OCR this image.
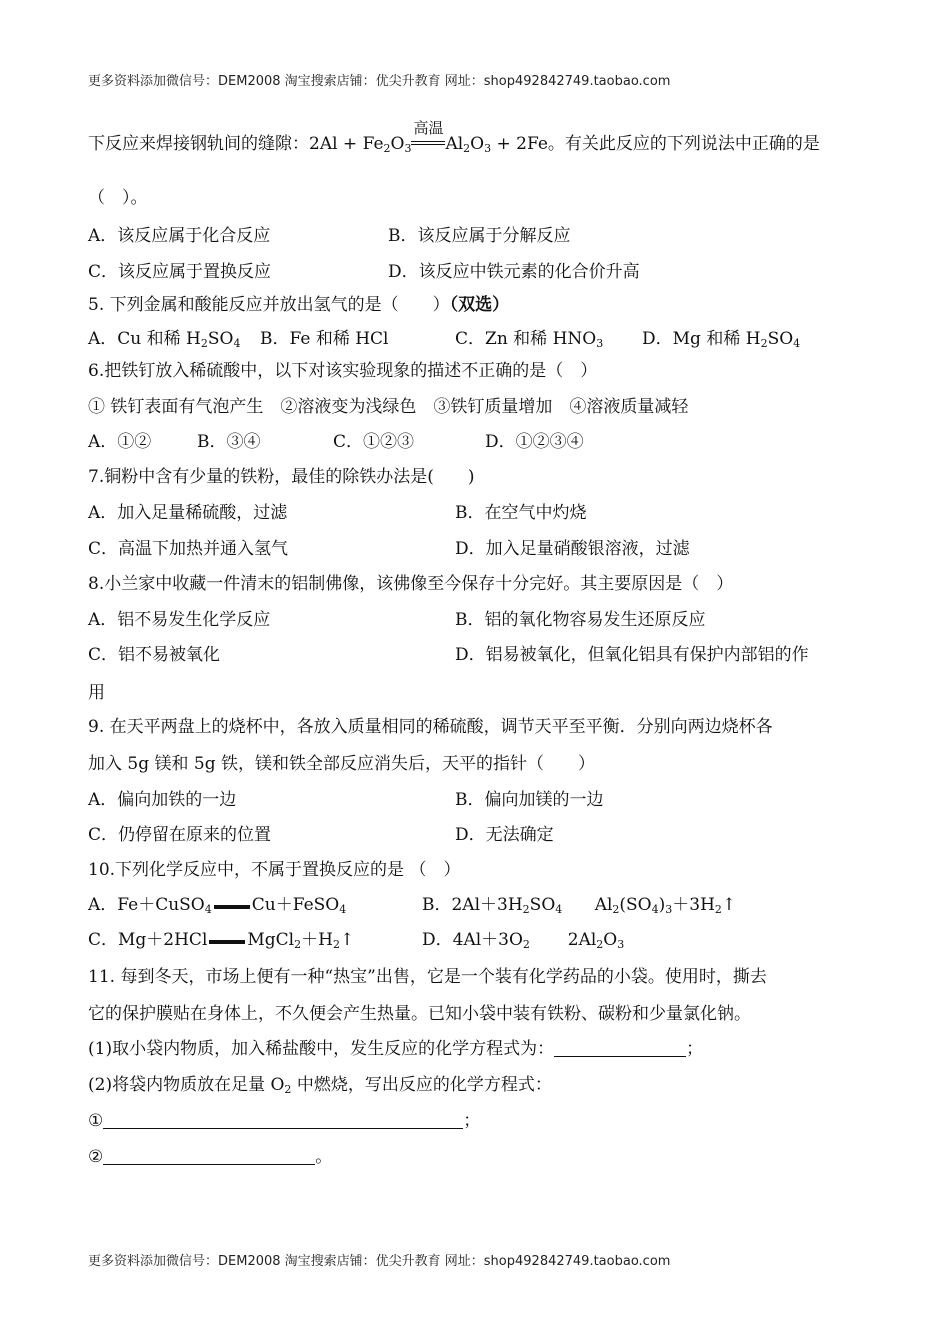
更多资料添加微信号：DEM2008 淘宝搜索店铺：优尖升教育 网址：shop492842749.taobao.com
下反应来焊接钢轨间的缝隙：$2Al + Fe_2O_3$
高温
$Al_2O_3 + 2Fe$。有关此反应的下列说法中正确的是
（　）。
A．该反应属于化合反应	B．该反应属于分解反应
C．该反应属于置换反应	D．该反应中铁元素的化合价升高
5. 下列金属和酸能反应并放出氢气的是（　　）（双选）
A．Cu 和稀 $H_2SO_4$ B．Fe 和稀 HCl	C．Zn 和稀 $HNO_3$ D．Mg 和稀 $H_2SO_4$
6.把铁钉放入稀硫酸中，以下对该实验现象的描述不正确的是（　）
① 铁钉表面有气泡产生　②溶液变为浅绿色　③铁钉质量增加　④溶液质量减轻
A．①②	B．③④	C．①②③	D．①②③④
7.铜粉中含有少量的铁粉，最佳的除铁办法是(　　)
A．加入足量稀硫酸，过滤	B．在空气中灼烧
C．高温下加热并通入氢气	D．加入足量硝酸银溶液，过滤
8.小兰家中收藏一件清末的铝制佛像，该佛像至今保存十分完好。其主要原因是（　）
A．铝不易发生化学反应	B．铝的氧化物容易发生还原反应
C．铝不易被氧化	D．铝易被氧化，但氧化铝具有保护内部铝的作
用
9. 在天平两盘上的烧杯中，各放入质量相同的稀硫酸，调节天平至平衡．分别向两边烧杯各
加入 5g 镁和 5g 铁，镁和铁全部反应消失后，天平的指针（　　）
A．偏向加铁的一边	B．偏向加镁的一边
C．仍停留在原来的位置	D．无法确定
10.下列化学反应中，不属于置换反应的是 （　）
A．Fe＋CuSO$_4$ Cu＋FeSO$_4$	B．$2Al+3H_2SO_4$      $Al_2(SO_4)_3+3H_2↑$
C．Mg＋2HCl $MgCl_2+H_2↑$	D．$4Al+3O_2$ $2Al_2O_3$
11. 每到冬天，市场上便有一种“热宝”出售，它是一个装有化学药品的小袋。使用时，撕去
它的保护膜贴在身体上，不久便会产生热量。已知小袋中装有铁粉、碳粉和少量氯化钠。
(1)取小袋内物质，加入稀盐酸中，发生反应的化学方程式为：	；
(2)将袋内物质放在足量 $O_2$ 中燃烧，写出反应的化学方程式：
①	；
②	。
更多资料添加微信号：DEM2008 淘宝搜索店铺：优尖升教育 网址：shop492842749.taobao.com
